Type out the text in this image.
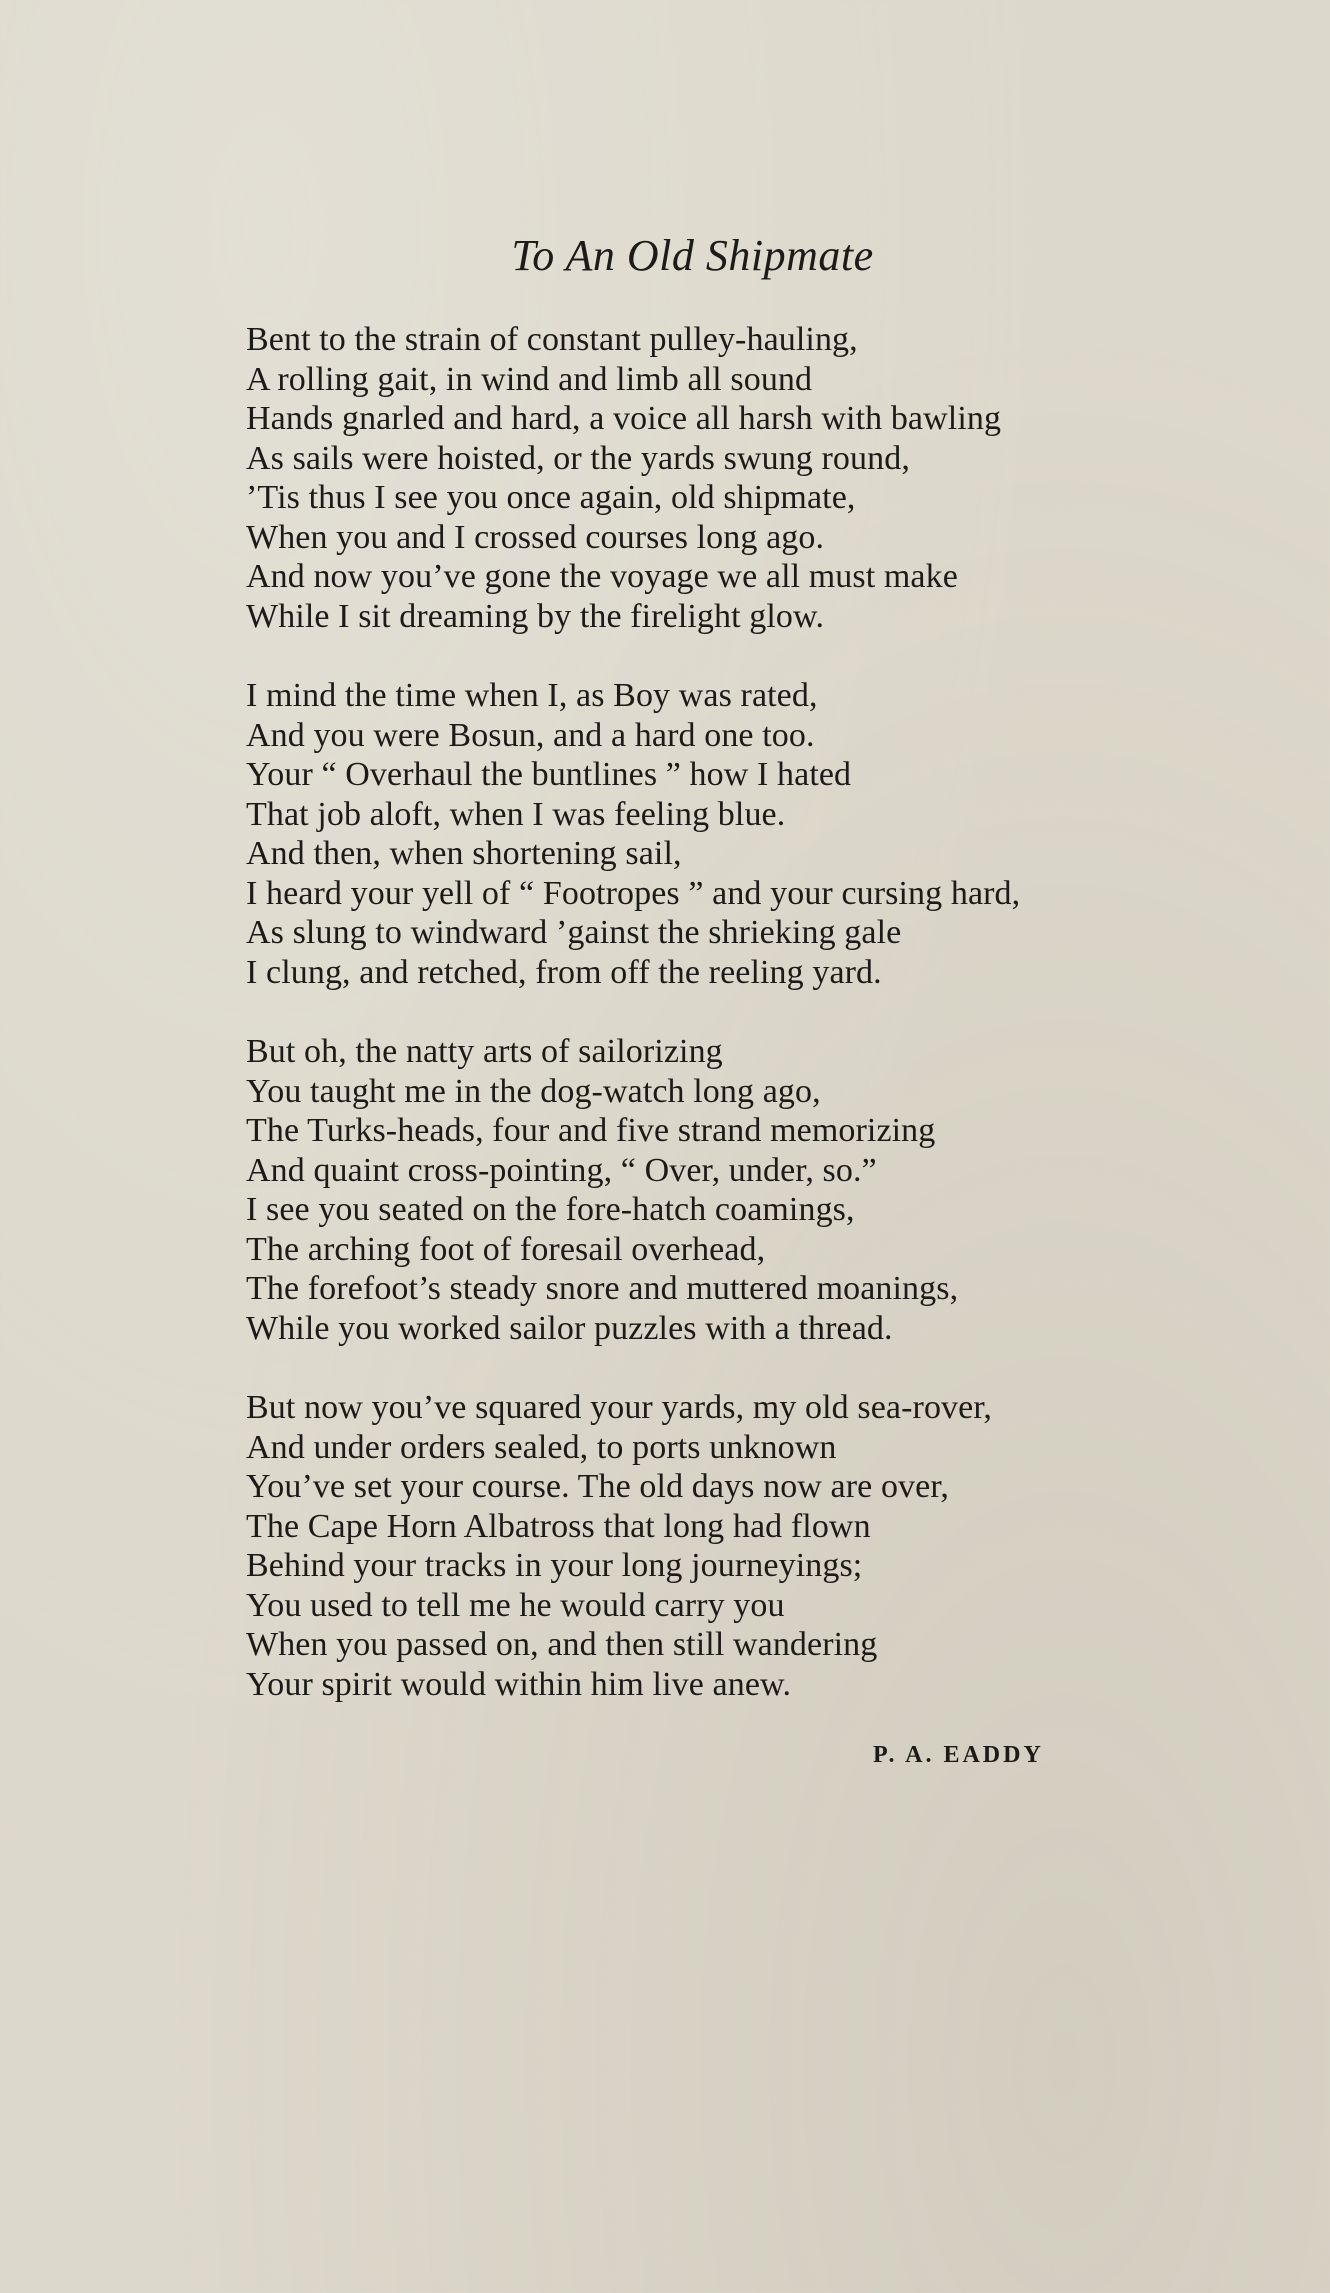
To An Old Shipmate

Bent to the strain of constant pulley-hauling,
A rolling gait, in wind and limb all sound
Hands gnarled and hard, a voice all harsh with bawling
As sails were hoisted, or the yards swung round,
’Tis thus I see you once again, old shipmate,
When you and I crossed courses long ago.
And now you’ve gone the voyage we all must make
While I sit dreaming by the firelight glow.

I mind the time when I, as Boy was rated,
And you were Bosun, and a hard one too.
Your “ Overhaul the buntlines ” how I hated
That job aloft, when I was feeling blue.
And then, when shortening sail,
I heard your yell of “ Footropes ” and your cursing hard,
As slung to windward ’gainst the shrieking gale
I clung, and retched, from off the reeling yard.

But oh, the natty arts of sailorizing
You taught me in the dog-watch long ago,
The Turks-heads, four and five strand memorizing
And quaint cross-pointing, “ Over, under, so.”
I see you seated on the fore-hatch coamings,
The arching foot of foresail overhead,
The forefoot’s steady snore and muttered moanings,
While you worked sailor puzzles with a thread.

But now you’ve squared your yards, my old sea-rover,
And under orders sealed, to ports unknown
You’ve set your course. The old days now are over,
The Cape Horn Albatross that long had flown
Behind your tracks in your long journeyings;
You used to tell me he would carry you
When you passed on, and then still wandering
Your spirit would within him live anew.

P. A. EADDY
